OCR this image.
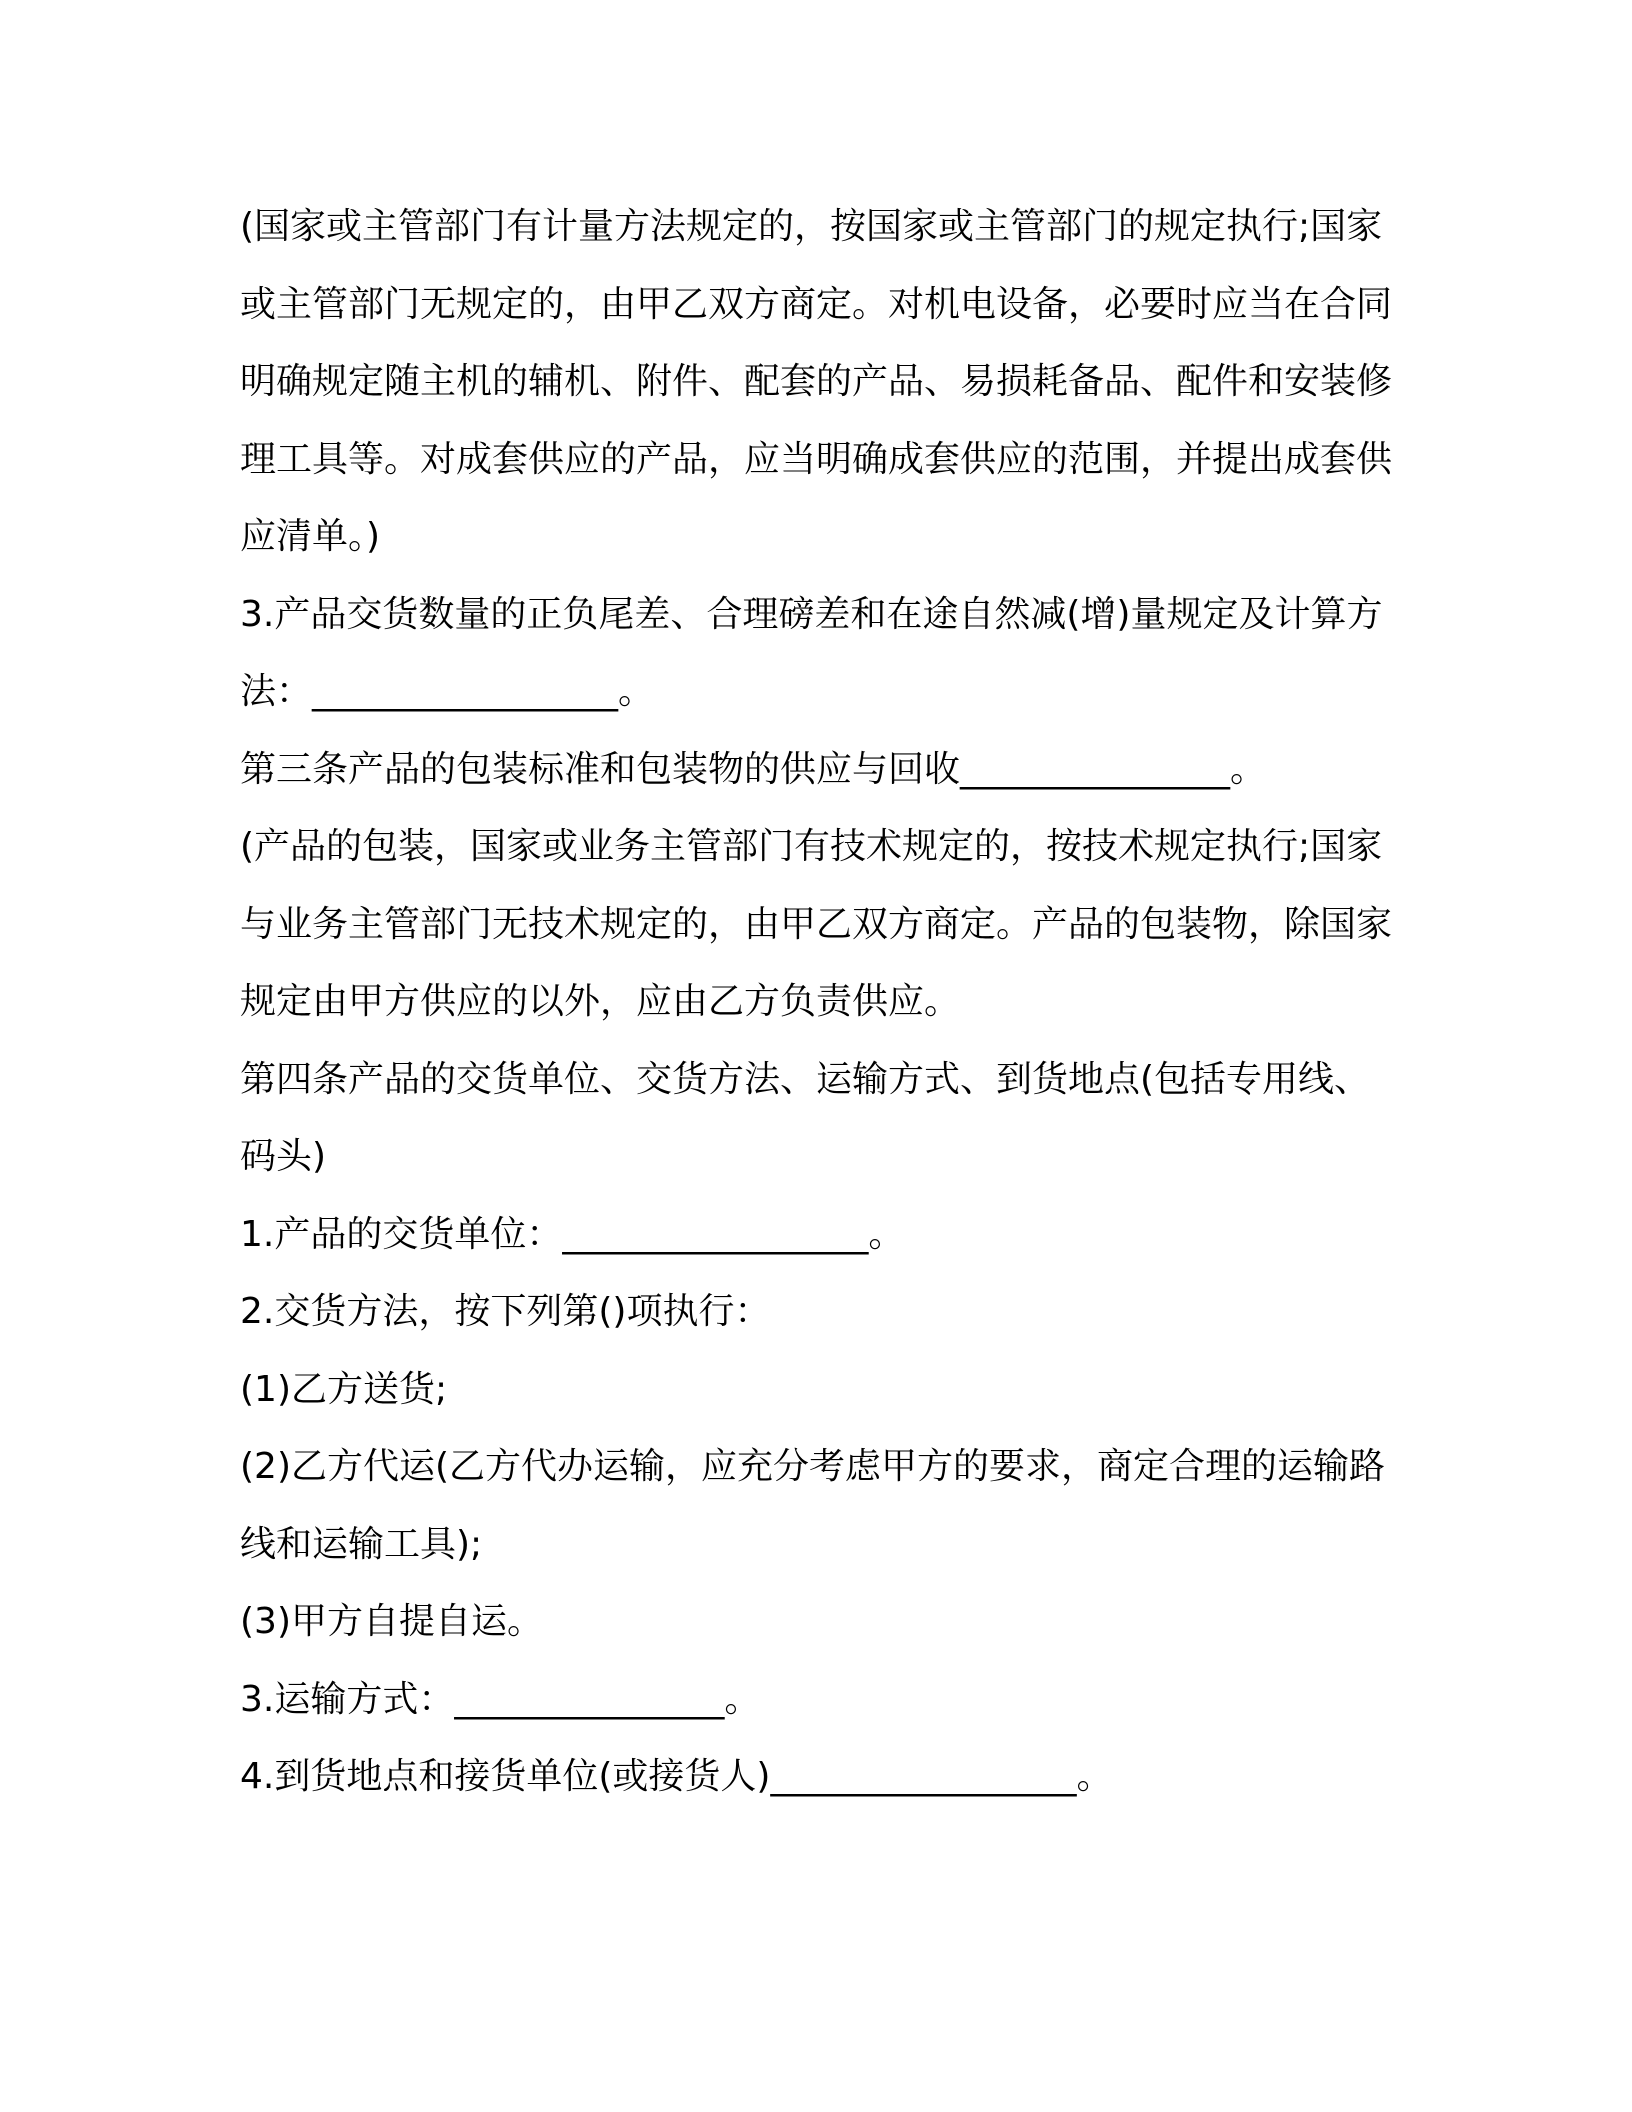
(国家或主管部门有计量方法规定的，按国家或主管部门的规定执行;国家或主管部门无规定的，由甲乙双方商定。对机电设备，必要时应当在合同明确规定随主机的辅机、附件、配套的产品、易损耗备品、配件和安装修理工具等。对成套供应的产品，应当明确成套供应的范围，并提出成套供应清单。)

3.产品交货数量的正负尾差、合理磅差和在途自然减(增)量规定及计算方法：_________________。

第三条产品的包装标准和包装物的供应与回收_______________。

(产品的包装，国家或业务主管部门有技术规定的，按技术规定执行;国家与业务主管部门无技术规定的，由甲乙双方商定。产品的包装物，除国家规定由甲方供应的以外，应由乙方负责供应。

第四条产品的交货单位、交货方法、运输方式、到货地点(包括专用线、码头)

1.产品的交货单位：_________________。

2.交货方法，按下列第()项执行：

(1)乙方送货;

(2)乙方代运(乙方代办运输，应充分考虑甲方的要求，商定合理的运输路线和运输工具);

(3)甲方自提自运。

3.运输方式：_______________。

4.到货地点和接货单位(或接货人)_________________。
